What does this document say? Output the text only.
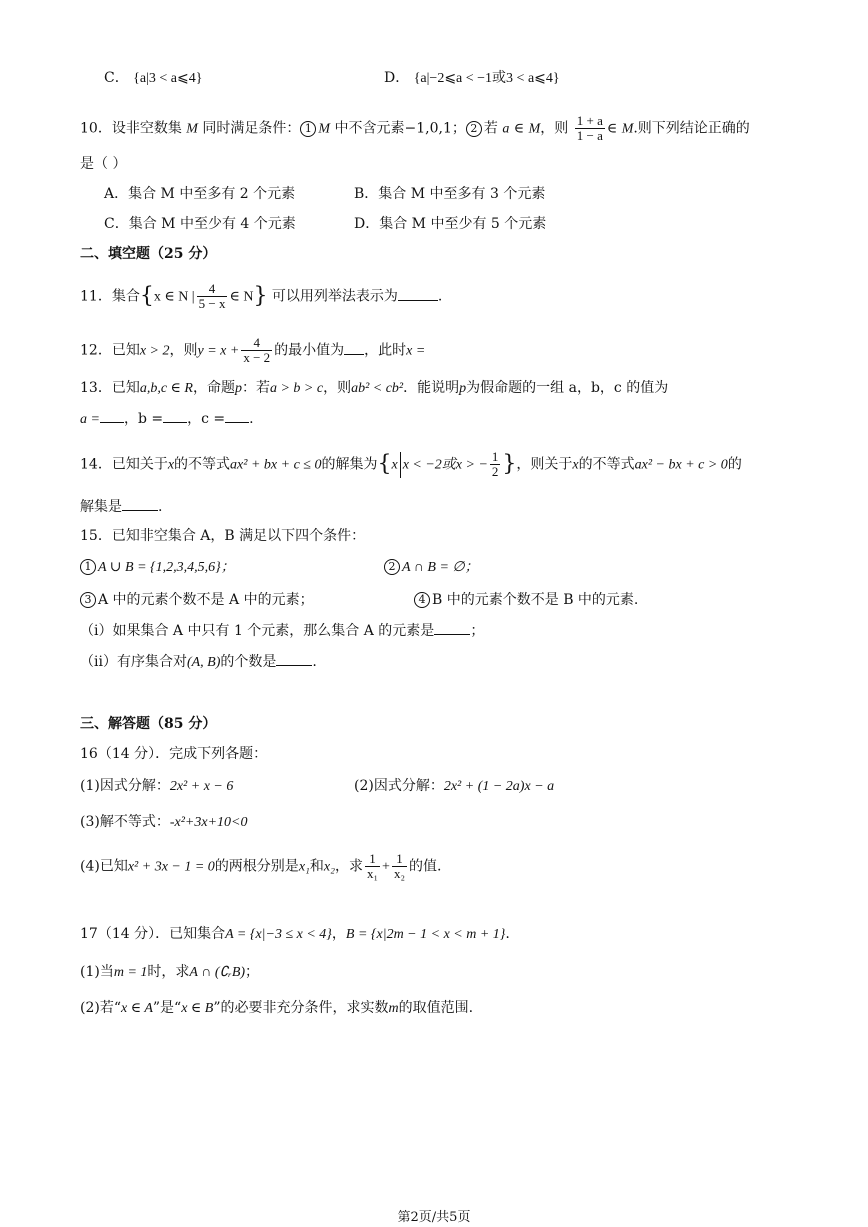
C． {a|3 < a⩽4}	D． {a|−2⩽a < −1或3 < a⩽4}
10．设非空数集 M 同时满足条件： 1 M 中不含元素−1,0,1； 2 若 a ∈ M，则 $\frac{1 + a}{1 - a}$ ∈ M.则下列结论正确的
是（ ）
A．集合 M 中至多有 2 个元素	B．集合 M 中至多有 3 个元素
C．集合 M 中至少有 4 个元素	D．集合 M 中至少有 5 个元素
二、填空题（25 分）
11．集合{x ∈ N | $\frac{4}{5 - x}$ ∈ N} 可以用列举法表示为	.
12．已知x > 2，则$y = x + \frac{4}{x - 2}$ 的最小值为 ，此时x =
13．已知a,b,c ∈ R，命题p：若a > b > c，则ab² < cb²．能说明p为假命题的一组 a，b，c 的值为
a = ，b = ，c = .
14．已知关于x的不等式ax² + bx + c ≤ 0的解集为{x x < −2或x > − $\frac{1}{2}$ }，则关于x的不等式ax² − bx + c > 0的
解集是	.
15．已知非空集合 A，B 满足以下四个条件：
1 A ∪ B = {1,2,3,4,5,6}；	2 A ∩ B = ∅；
3 A 中的元素个数不是 A 中的元素；	4 B 中的元素个数不是 B 中的元素.
（i）如果集合 A 中只有 1 个元素，那么集合 A 的元素是	；
（ii）有序集合对(A, B)的个数是	.
三、解答题（85 分）
16（14 分）．完成下列各题：
(1)因式分解：2x² + x − 6	(2)因式分解：2x² + (1 − 2a)x − a
(3)解不等式：-x²+3x+10<0
(4)已知x² + 3x − 1 = 0的两根分别是x₁和x₂，求 $\frac{1}{\text{x₁}} + \frac{1}{\text{x₂}}$ 的值.
17（14 分）．已知集合A = {x|−3 ≤ x < 4}，B = {x|2m − 1 < x < m + 1}.
(1)当m = 1时，求A ∩ (∁ᵣB)；
(2)若“x ∈ A”是“x ∈ B”的必要非充分条件，求实数m的取值范围.
第2页/共5页
